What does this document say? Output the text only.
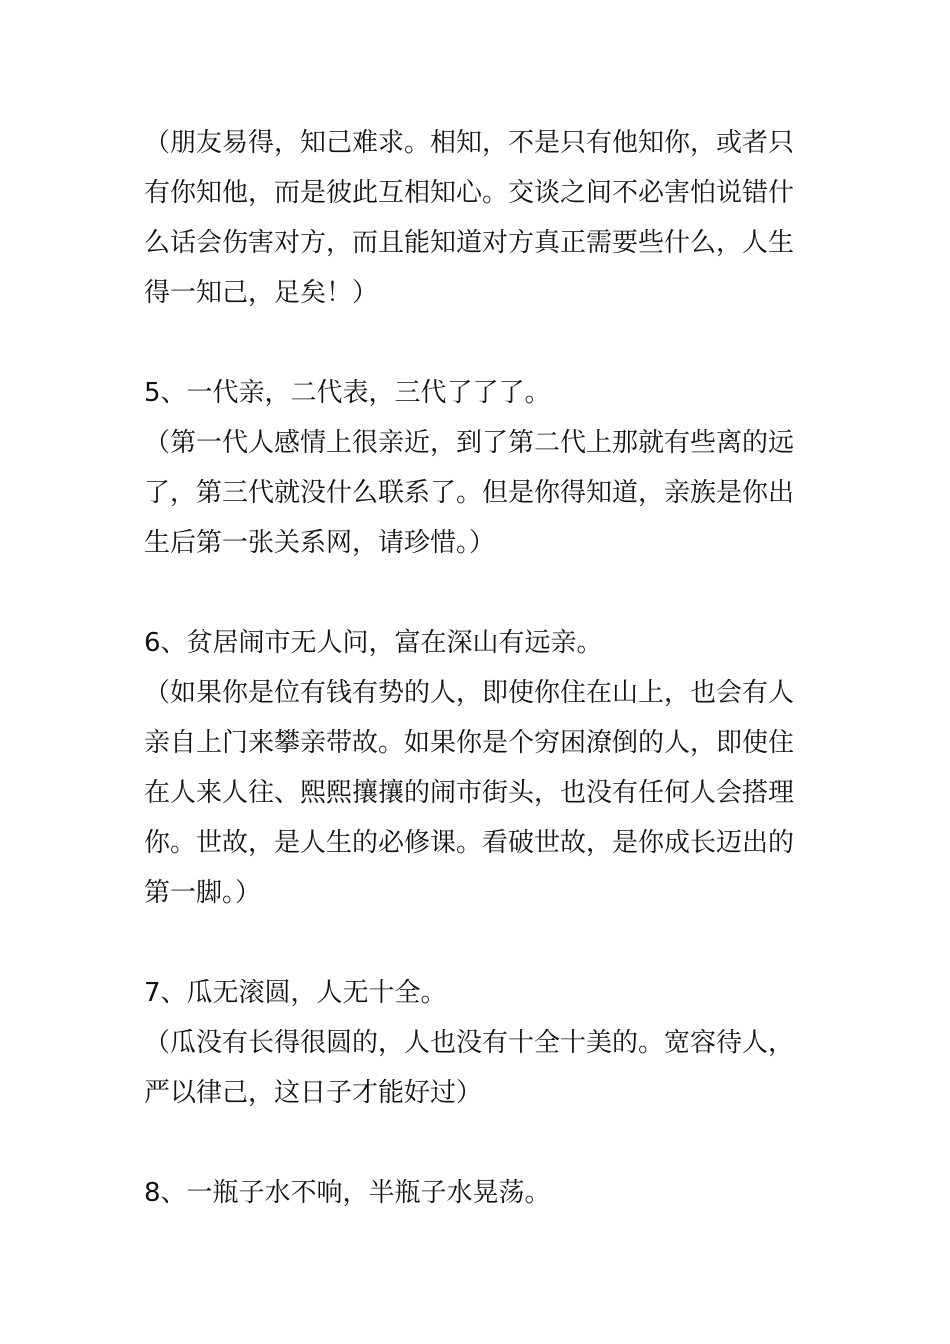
（朋友易得，知己难求。相知，不是只有他知你，或者只
有你知他，而是彼此互相知心。交谈之间不必害怕说错什
么话会伤害对方，而且能知道对方真正需要些什么，人生
得一知己，足矣！）
5、一代亲，二代表，三代了了了。
（第一代人感情上很亲近，到了第二代上那就有些离的远
了，第三代就没什么联系了。但是你得知道，亲族是你出
生后第一张关系网，请珍惜。）
6、贫居闹市无人问，富在深山有远亲。
（如果你是位有钱有势的人，即使你住在山上，也会有人
亲自上门来攀亲带故。如果你是个穷困潦倒的人，即使住
在人来人往、熙熙攘攘的闹市街头，也没有任何人会搭理
你。世故，是人生的必修课。看破世故，是你成长迈出的
第一脚。）
7、瓜无滚圆，人无十全。
（瓜没有长得很圆的，人也没有十全十美的。宽容待人，
严以律己，这日子才能好过）
8、一瓶子水不响，半瓶子水晃荡。
